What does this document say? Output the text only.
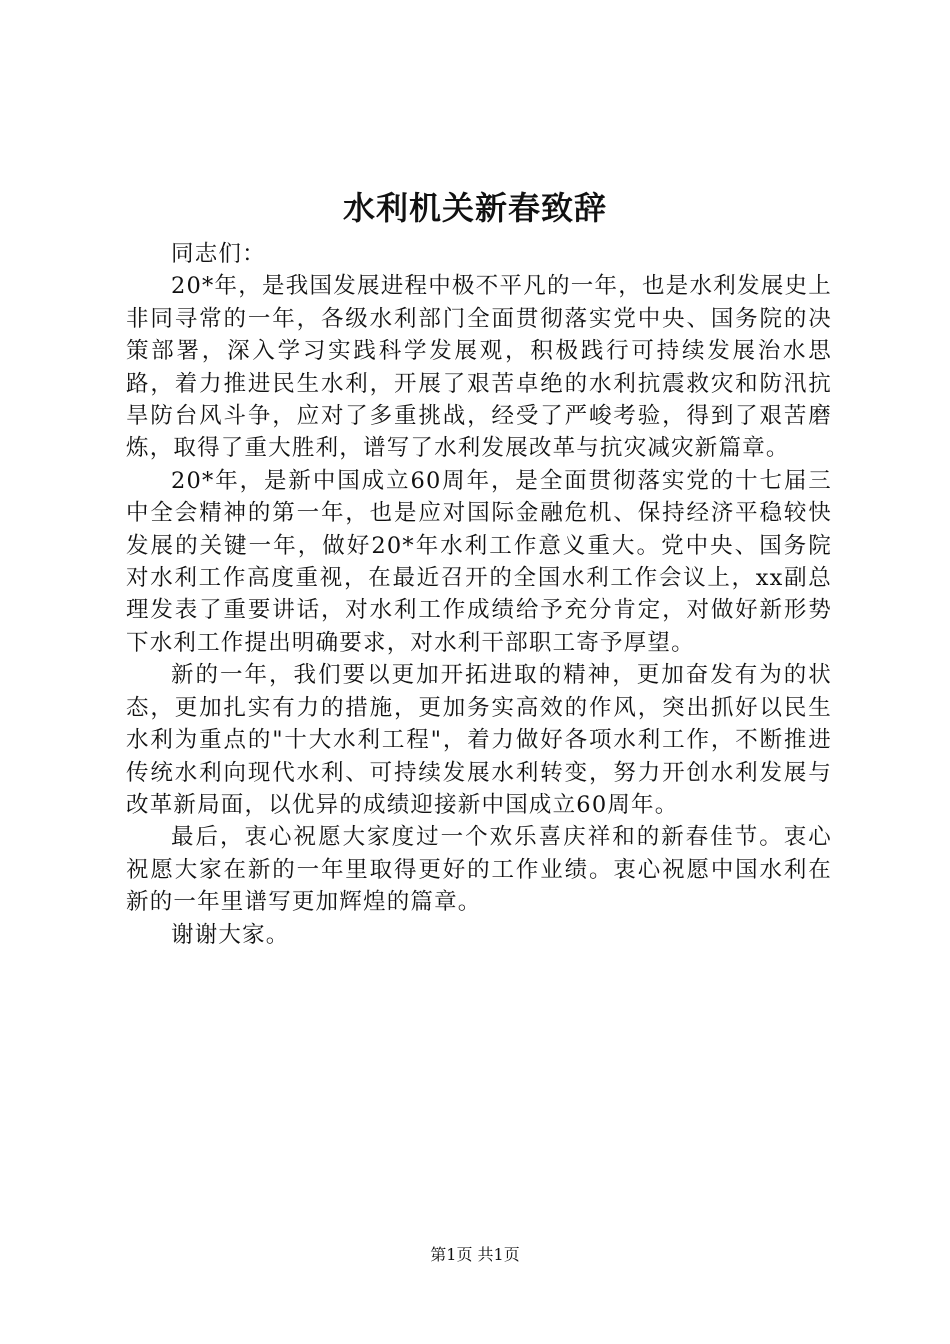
水利机关新春致辞

同志们：

20*年，是我国发展进程中极不平凡的一年，也是水利发展史上非同寻常的一年，各级水利部门全面贯彻落实党中央、国务院的决策部署，深入学习实践科学发展观，积极践行可持续发展治水思路，着力推进民生水利，开展了艰苦卓绝的水利抗震救灾和防汛抗旱防台风斗争，应对了多重挑战，经受了严峻考验，得到了艰苦磨炼，取得了重大胜利，谱写了水利发展改革与抗灾减灾新篇章。

20*年，是新中国成立60周年，是全面贯彻落实党的十七届三中全会精神的第一年，也是应对国际金融危机、保持经济平稳较快发展的关键一年，做好20*年水利工作意义重大。党中央、国务院对水利工作高度重视，在最近召开的全国水利工作会议上，xx副总理发表了重要讲话，对水利工作成绩给予充分肯定，对做好新形势下水利工作提出明确要求，对水利干部职工寄予厚望。

新的一年，我们要以更加开拓进取的精神，更加奋发有为的状态，更加扎实有力的措施，更加务实高效的作风，突出抓好以民生水利为重点的"十大水利工程"，着力做好各项水利工作，不断推进传统水利向现代水利、可持续发展水利转变，努力开创水利发展与改革新局面，以优异的成绩迎接新中国成立60周年。

最后，衷心祝愿大家度过一个欢乐喜庆祥和的新春佳节。衷心祝愿大家在新的一年里取得更好的工作业绩。衷心祝愿中国水利在新的一年里谱写更加辉煌的篇章。

谢谢大家。

第1页 共1页
